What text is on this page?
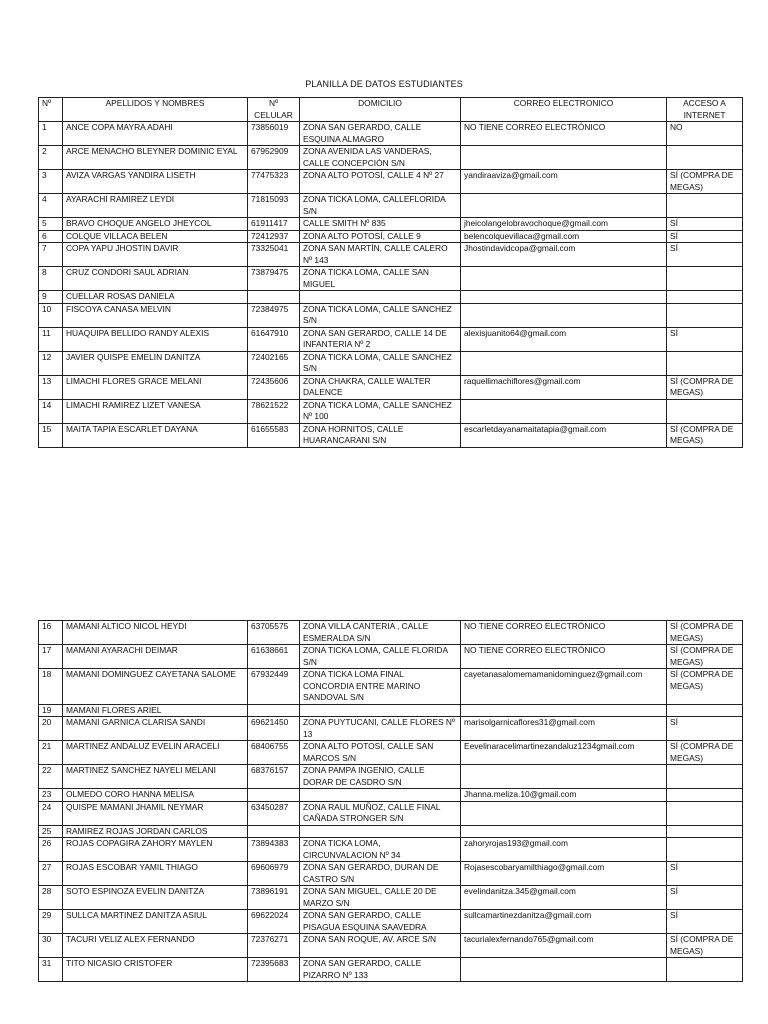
PLANILLA DE DATOS ESTUDIANTES
Nº	APELLIDOS Y NOMBRES	Nº CELULAR	DOMICILIO	CORREO ELECTRONICO	ACCESO A INTERNET
1	ANCE COPA MAYRA ADAHI	73856019	ZONA SAN GERARDO, CALLE ESQUINA ALMAGRO	NO TIENE CORREO ELECTRÓNICO	NO
2	ARCE MENACHO BLEYNER DOMINIC EYAL	67952909	ZONA AVENIDA LAS VANDERAS, CALLE CONCEPCIÓN S/N		
3	AVIZA VARGAS YANDIRA LISETH	77475323	ZONA ALTO POTOSÍ, CALLE 4 Nº 27	yandiraaviza@gmail.com	SÍ (COMPRA DE MEGAS)
4	AYARACHI RAMIREZ LEYDI	71815093	ZONA TICKA LOMA, CALLEFLORIDA S/N		
5	BRAVO CHOQUE ANGELO JHEYCOL	61911417	CALLE SMITH Nº 835	jheicolangelobravochoque@gmail.com	SÍ
6	COLQUE VILLACA BELEN	72412937	ZONA ALTO POTOSÍ, CALLE 9	belencolquevillaca@gmail.com	SÍ
7	COPA YAPU JHOSTIN DAVIR	73325041	ZONA SAN MARTÍN, CALLE CALERO Nº 143	Jhostindavidcopa@gmail.com	SÍ
8	CRUZ CONDORI SAUL ADRIAN	73879475	ZONA TICKA LOMA, CALLE SAN MIGUEL		
9	CUELLAR ROSAS DANIELA				
10	FISCOYA CANASA MELVIN	72384975	ZONA TICKA LOMA, CALLE SANCHEZ S/N		
11	HUAQUIPA BELLIDO RANDY ALEXIS	61647910	ZONA SAN GERARDO, CALLE 14 DE INFANTERIA Nº 2	alexisjuanito64@gmail.com	SÍ
12	JAVIER QUISPE EMELIN DANITZA	72402165	ZONA TICKA LOMA, CALLE SANCHEZ S/N		
13	LIMACHI FLORES GRACE MELANI	72435606	ZONA CHAKRA, CALLE WALTER DALENCE	raquellimachiflores@gmail.com	SÍ (COMPRA DE MEGAS)
14	LIMACHI RAMIREZ LIZET VANESA	78621522	ZONA TICKA LOMA, CALLE SANCHEZ Nº 100		
15	MAITA TAPIA ESCARLET DAYANA	61655583	ZONA HORNITOS, CALLE HUARANCARANI S/N	escarletdayanamaitatapia@gmail.com	SÍ (COMPRA DE MEGAS)
16	MAMANI ALTICO NICOL HEYDI	63705575	ZONA VILLA CANTERIA , CALLE ESMERALDA S/N	NO TIENE CORREO ELECTRÓNICO	SÍ (COMPRA DE MEGAS)
17	MAMANI AYARACHI DEIMAR	61638661	ZONA TICKA LOMA, CALLE FLORIDA S/N	NO TIENE CORREO ELECTRÓNICO	SÍ (COMPRA DE MEGAS)
18	MAMANI DOMINGUEZ CAYETANA SALOME	67932449	ZONA TICKA LOMA FINAL CONCORDIA ENTRE MARINO SANDOVAL S/N	cayetanasalomemamanidominguez@gmail.com	SÍ (COMPRA DE MEGAS)
19	MAMANI FLORES ARIEL				
20	MAMANI GARNICA CLARISA SANDI	69621450	ZONA PUYTUCANI, CALLE FLORES Nº 13	marisolgarnicaflores31@gmail.com	SÍ
21	MARTINEZ ANDALUZ EVELIN ARACELI	68406755	ZONA ALTO POTOSÍ, CALLE SAN MARCOS S/N	Eevelinaracelimartinezandaluz1234gmail.com	SÍ (COMPRA DE MEGAS)
22	MARTINEZ SANCHEZ NAYELI MELANI	68376157	ZONA PAMPA INGENIO, CALLE DORAR DE CASDRO S/N		
23	OLMEDO CORO HANNA MELISA			Jhanna.meliza.10@gmail.com	
24	QUISPE MAMANI JHAMIL NEYMAR	63450287	ZONA RAUL MUÑOZ, CALLE FINAL CAÑADA STRONGER S/N		
25	RAMIREZ ROJAS JORDAN CARLOS				
26	ROJAS COPAGIRA ZAHORY MAYLEN	73894383	ZONA TICKA LOMA, CIRCUNVALACION Nº 34	zahoryrojas193@gmail.com	
27	ROJAS ESCOBAR YAMIL THIAGO	69606979	ZONA SAN GERARDO, DURAN DE CASTRO S/N	Rojasescobaryamilthiago@gmail.com	SÍ
28	SOTO ESPINOZA EVELIN DANITZA	73896191	ZONA SAN MIGUEL, CALLE 20 DE MARZO S/N	evelindanitza.345@gmail.com	SÍ
29	SULLCA MARTINEZ DANITZA ASIUL	69622024	ZONA SAN GERARDO, CALLE PISAGUA ESQUINA SAAVEDRA	sullcamartinezdanitza@gmail.com	SÍ
30	TACURI VELIZ ALEX FERNANDO	72376271	ZONA SAN ROQUE, AV. ARCE S/N	tacurialexfernando765@gmail.com	SÍ (COMPRA DE MEGAS)
31	TITO NICASIO CRISTOFER	72395683	ZONA SAN GERARDO, CALLE PIZARRO Nº 133		
